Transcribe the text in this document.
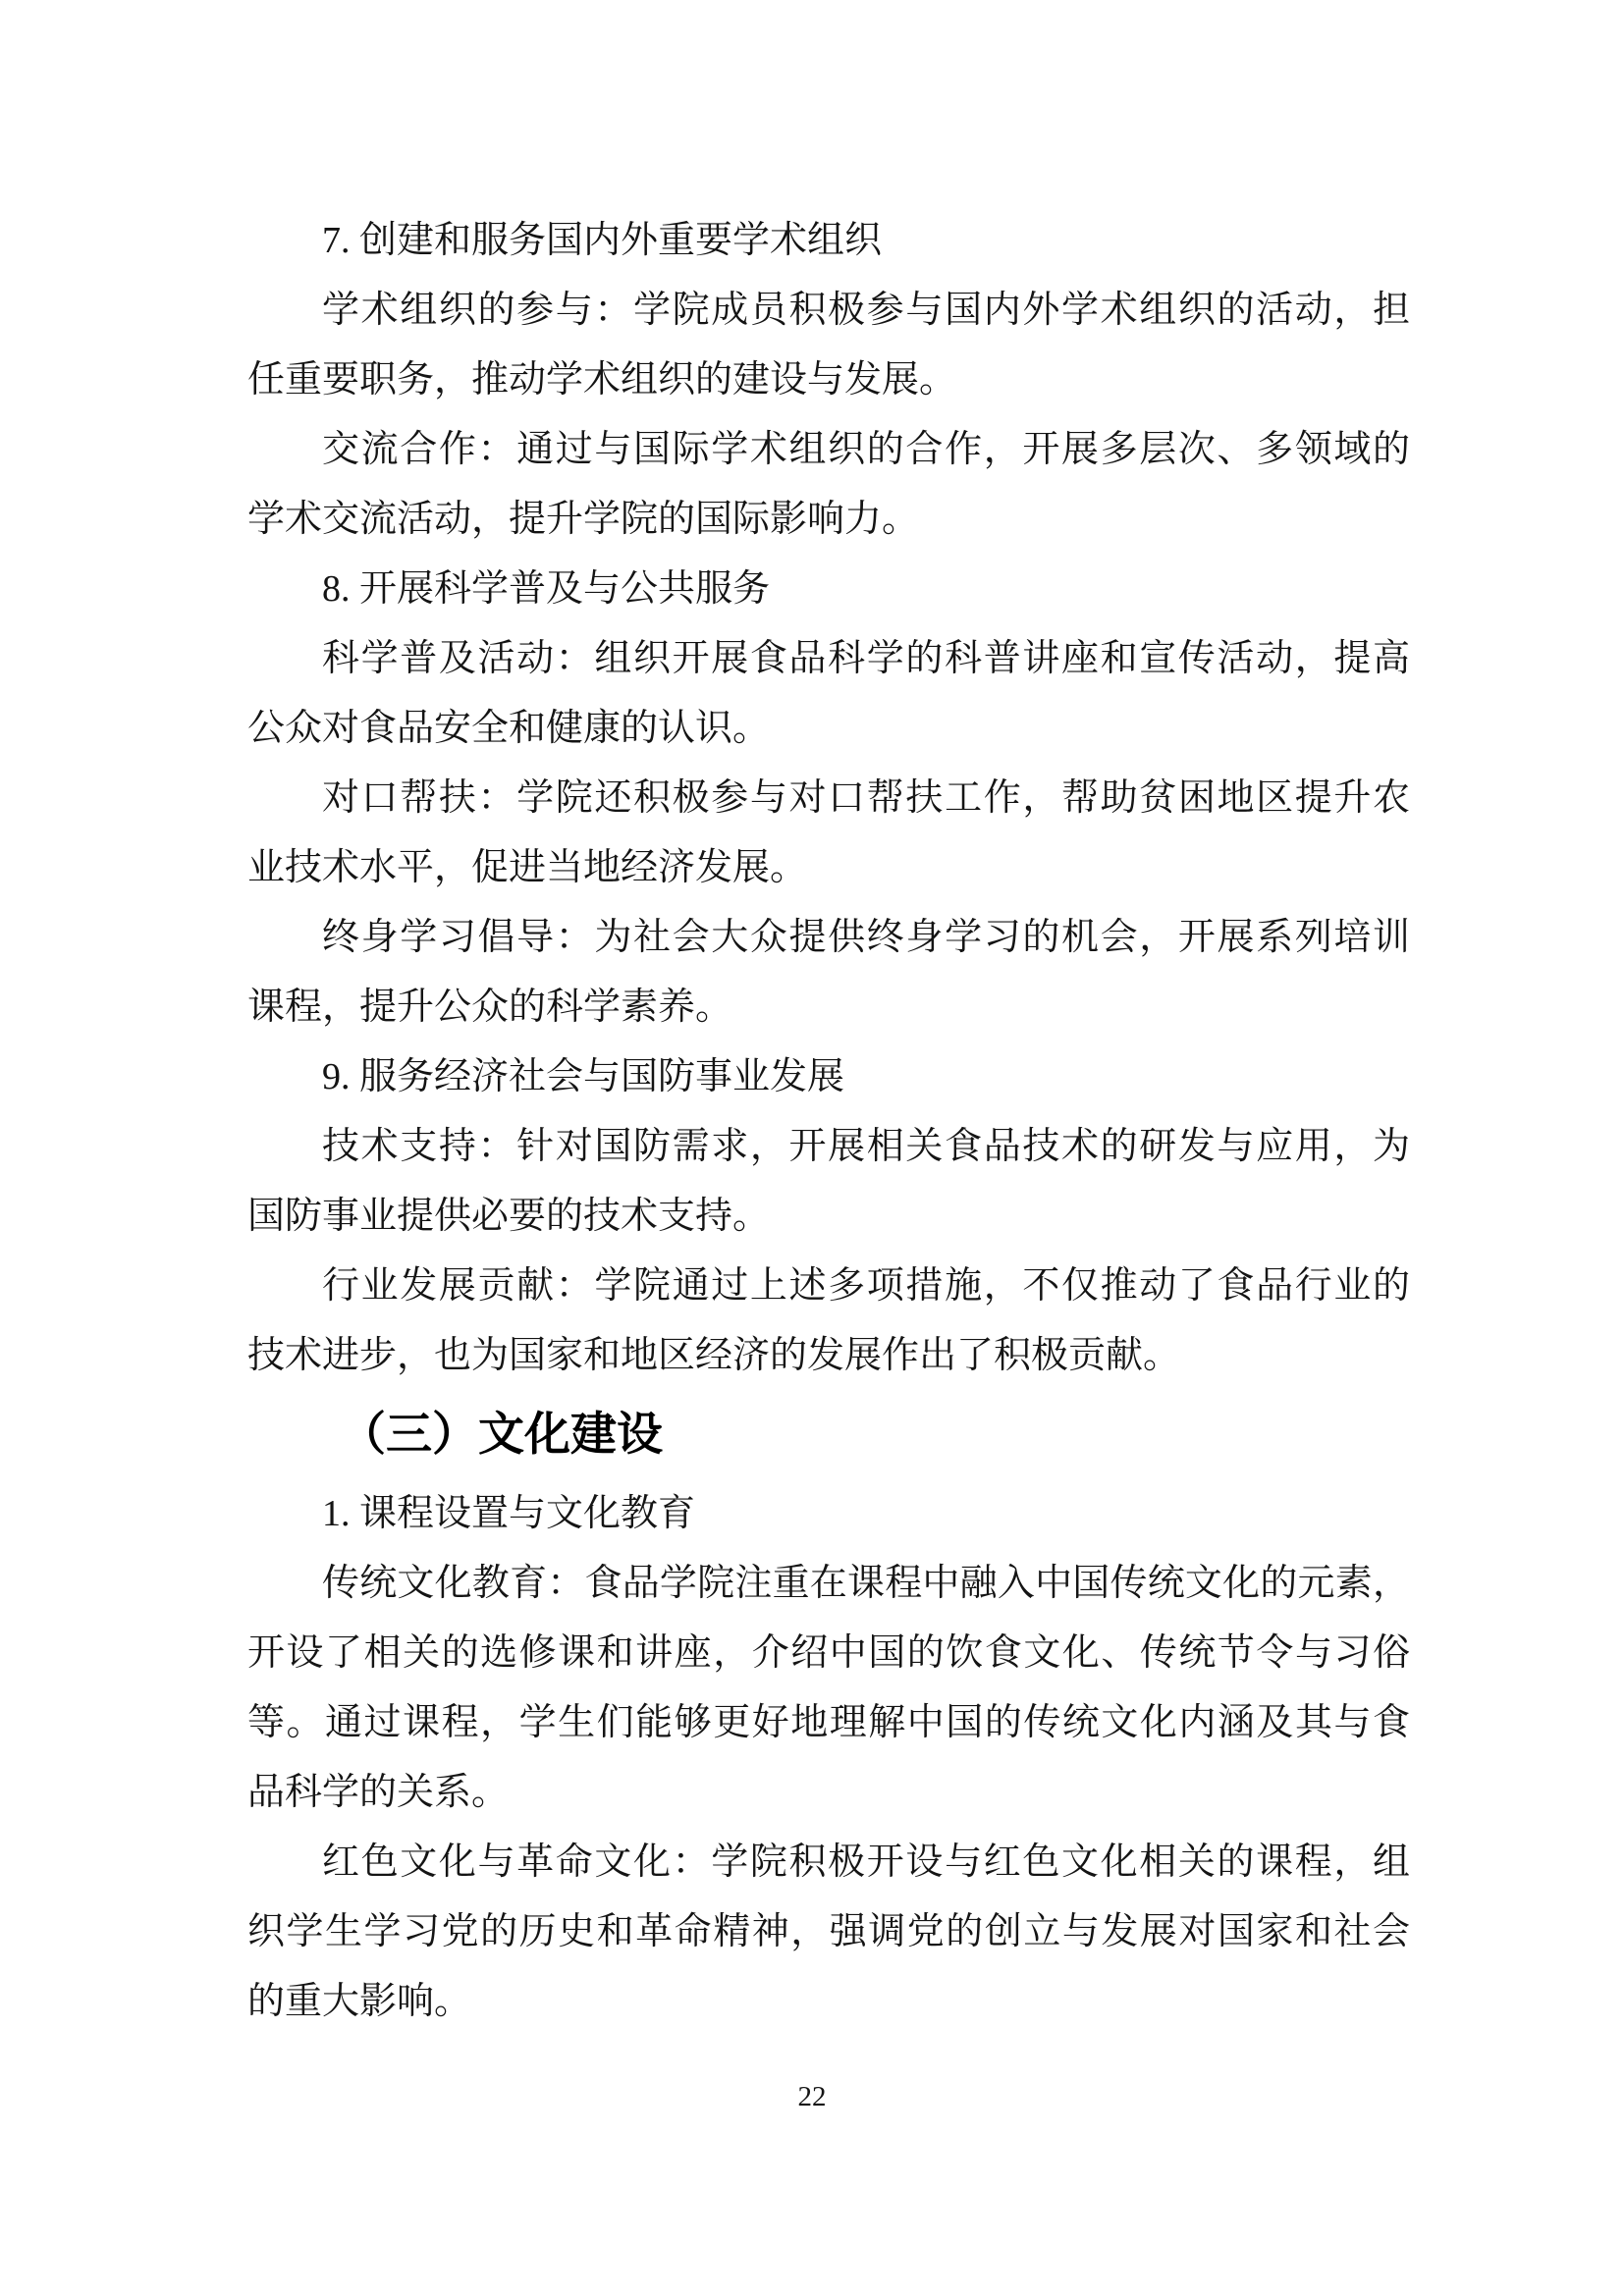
7. 创建和服务国内外重要学术组织
学术组织的参与：学院成员积极参与国内外学术组织的活动，担
任重要职务，推动学术组织的建设与发展。
交流合作：通过与国际学术组织的合作，开展多层次、多领域的
学术交流活动，提升学院的国际影响力。
8. 开展科学普及与公共服务
科学普及活动：组织开展食品科学的科普讲座和宣传活动，提高
公众对食品安全和健康的认识。
对口帮扶：学院还积极参与对口帮扶工作，帮助贫困地区提升农
业技术水平，促进当地经济发展。
终身学习倡导：为社会大众提供终身学习的机会，开展系列培训
课程，提升公众的科学素养。
9. 服务经济社会与国防事业发展
技术支持：针对国防需求，开展相关食品技术的研发与应用，为
国防事业提供必要的技术支持。
行业发展贡献：学院通过上述多项措施，不仅推动了食品行业的
技术进步，也为国家和地区经济的发展作出了积极贡献。
（三）文化建设
1. 课程设置与文化教育
传统文化教育：食品学院注重在课程中融入中国传统文化的元素，
开设了相关的选修课和讲座，介绍中国的饮食文化、传统节令与习俗
等。通过课程，学生们能够更好地理解中国的传统文化内涵及其与食
品科学的关系。
红色文化与革命文化：学院积极开设与红色文化相关的课程，组
织学生学习党的历史和革命精神，强调党的创立与发展对国家和社会
的重大影响。
22
